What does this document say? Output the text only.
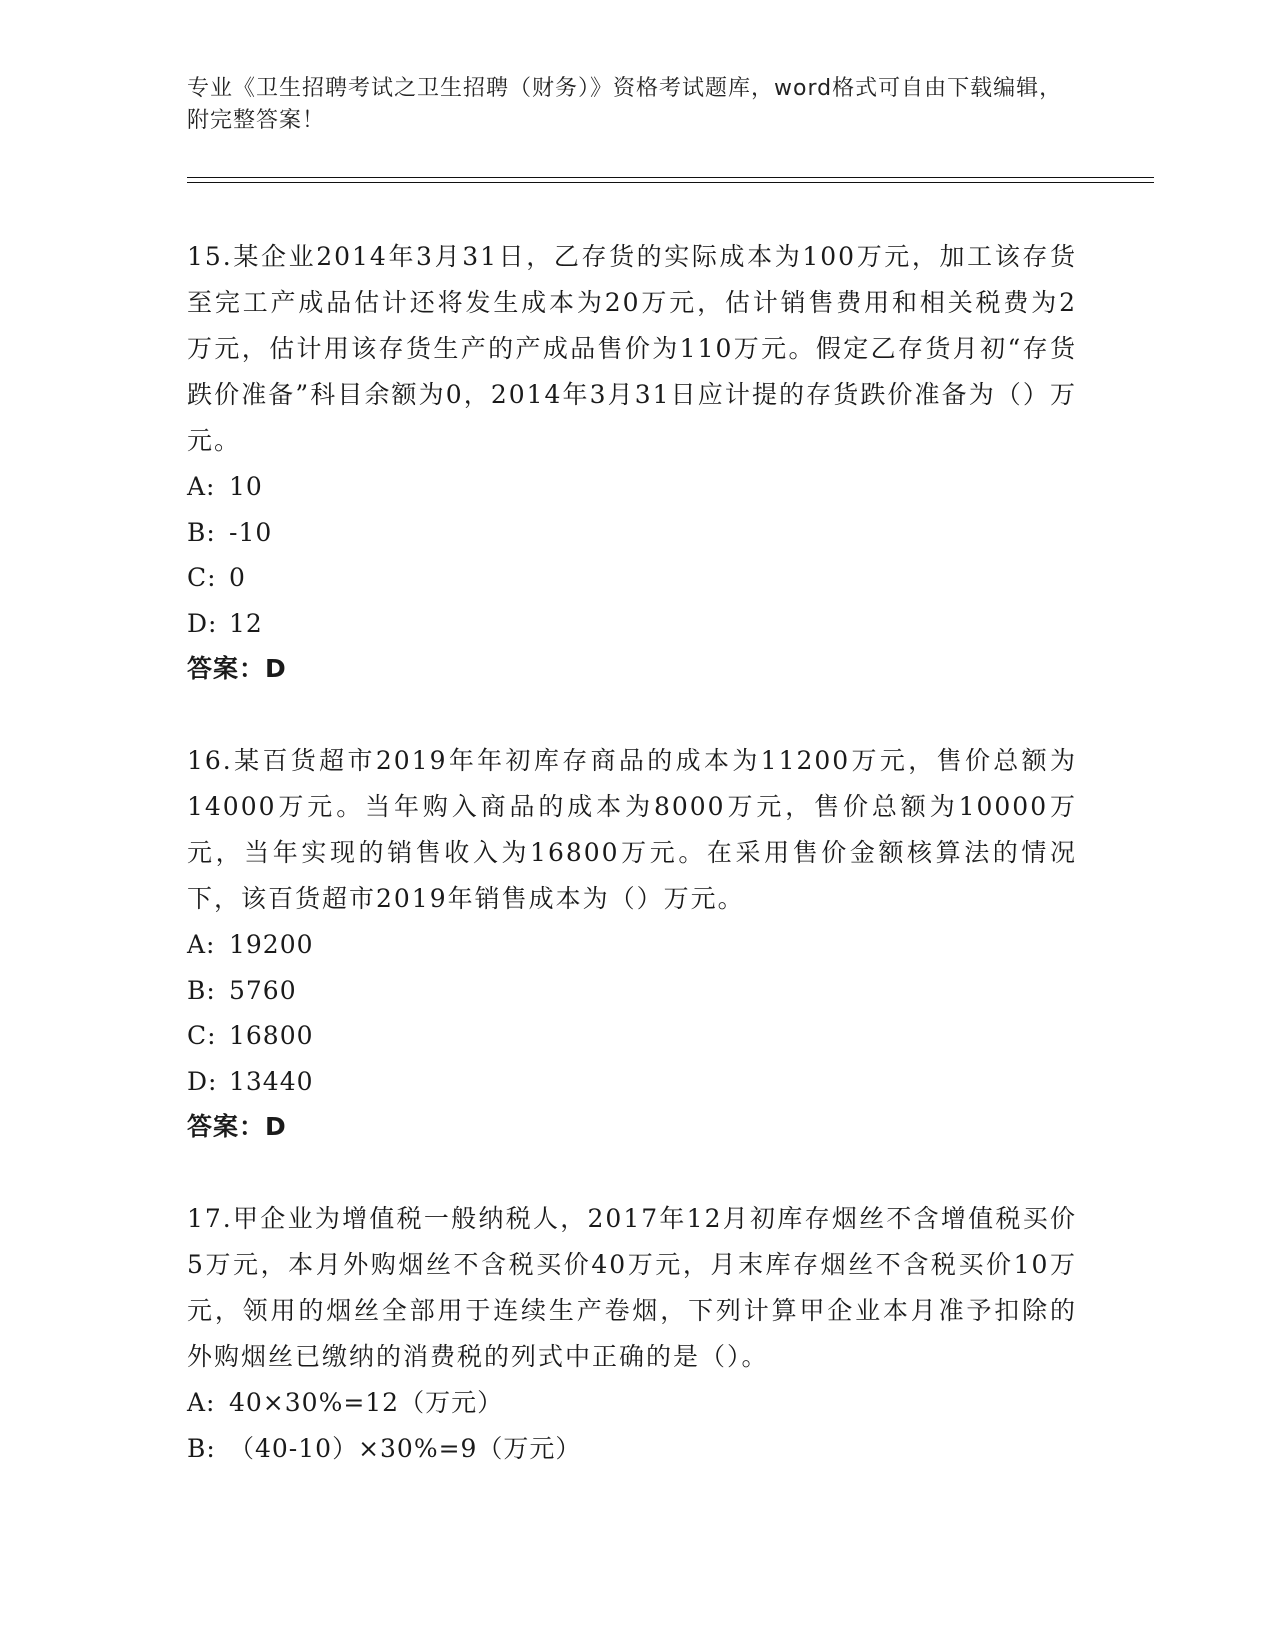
专业《卫生招聘考试之卫生招聘（财务）》资格考试题库，word格式可自由下载编辑，附完整答案！

15.某企业2014年3月31日，乙存货的实际成本为100万元，加工该存货至完工产成品估计还将发生成本为20万元，估计销售费用和相关税费为2万元，估计用该存货生产的产成品售价为110万元。假定乙存货月初“存货跌价准备”科目余额为0，2014年3月31日应计提的存货跌价准备为（）万元。

A: 10

B: -10

C: 0

D: 12

答案：D

16.某百货超市2019年年初库存商品的成本为11200万元，售价总额为14000万元。当年购入商品的成本为8000万元，售价总额为10000万元，当年实现的销售收入为16800万元。在采用售价金额核算法的情况下，该百货超市2019年销售成本为（）万元。

A: 19200

B: 5760

C: 16800

D: 13440

答案：D

17.甲企业为增值税一般纳税人，2017年12月初库存烟丝不含增值税买价5万元，本月外购烟丝不含税买价40万元，月末库存烟丝不含税买价10万元，领用的烟丝全部用于连续生产卷烟，下列计算甲企业本月准予扣除的外购烟丝已缴纳的消费税的列式中正确的是（）。

A: 40×30%=12（万元）

B: （40-10）×30%=9（万元）
